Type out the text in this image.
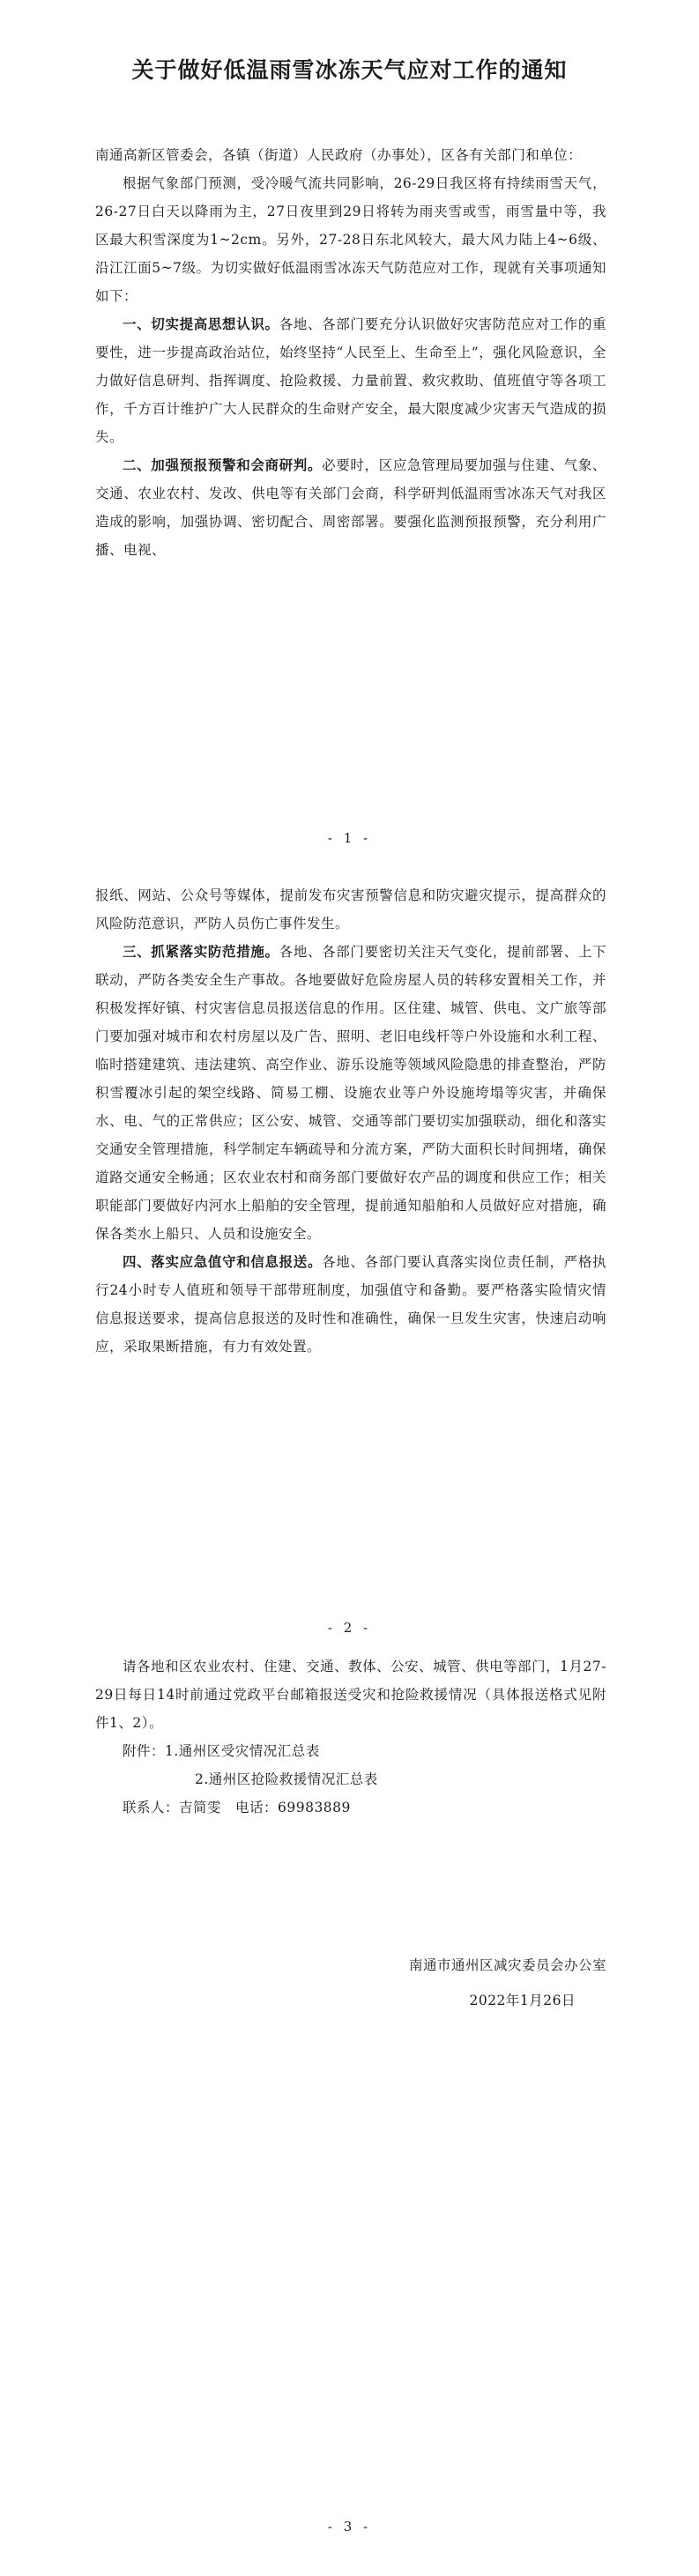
关于做好低温雨雪冰冻天气应对工作的通知

南通高新区管委会，各镇（街道）人民政府（办事处），区各有关部门和单位：

根据气象部门预测，受冷暖气流共同影响，26-29日我区将有持续雨雪天气，26-27日白天以降雨为主，27日夜里到29日将转为雨夹雪或雪，雨雪量中等，我区最大积雪深度为1~2cm。另外，27-28日东北风较大，最大风力陆上4~6级、沿江江面5~7级。为切实做好低温雨雪冰冻天气防范应对工作，现就有关事项通知如下：

一、切实提高思想认识。各地、各部门要充分认识做好灾害防范应对工作的重要性，进一步提高政治站位，始终坚持“人民至上、生命至上”，强化风险意识，全力做好信息研判、指挥调度、抢险救援、力量前置、救灾救助、值班值守等各项工作，千方百计维护广大人民群众的生命财产安全，最大限度减少灾害天气造成的损失。

二、加强预报预警和会商研判。必要时，区应急管理局要加强与住建、气象、交通、农业农村、发改、供电等有关部门会商，科学研判低温雨雪冰冻天气对我区造成的影响，加强协调、密切配合、周密部署。要强化监测预报预警，充分利用广播、电视、

- 1 -

报纸、网站、公众号等媒体，提前发布灾害预警信息和防灾避灾提示，提高群众的风险防范意识，严防人员伤亡事件发生。

三、抓紧落实防范措施。各地、各部门要密切关注天气变化，提前部署、上下联动，严防各类安全生产事故。各地要做好危险房屋人员的转移安置相关工作，并积极发挥好镇、村灾害信息员报送信息的作用。区住建、城管、供电、文广旅等部门要加强对城市和农村房屋以及广告、照明、老旧电线杆等户外设施和水利工程、临时搭建建筑、违法建筑、高空作业、游乐设施等领域风险隐患的排查整治，严防积雪覆冰引起的架空线路、简易工棚、设施农业等户外设施垮塌等灾害，并确保水、电、气的正常供应；区公安、城管、交通等部门要切实加强联动，细化和落实交通安全管理措施，科学制定车辆疏导和分流方案，严防大面积长时间拥堵，确保道路交通安全畅通；区农业农村和商务部门要做好农产品的调度和供应工作；相关职能部门要做好内河水上船舶的安全管理，提前通知船舶和人员做好应对措施，确保各类水上船只、人员和设施安全。

四、落实应急值守和信息报送。各地、各部门要认真落实岗位责任制，严格执行24小时专人值班和领导干部带班制度，加强值守和备勤。要严格落实险情灾情信息报送要求，提高信息报送的及时性和准确性，确保一旦发生灾害，快速启动响应，采取果断措施，有力有效处置。

- 2 -

请各地和区农业农村、住建、交通、教体、公安、城管、供电等部门，1月27-29日每日14时前通过党政平台邮箱报送受灾和抢险救援情况（具体报送格式见附件1、2）。

附件：1.通州区受灾情况汇总表

2.通州区抢险救援情况汇总表

联系人：吉简雯　电话：69983889

南通市通州区减灾委员会办公室
2022年1月26日
- 3 -
